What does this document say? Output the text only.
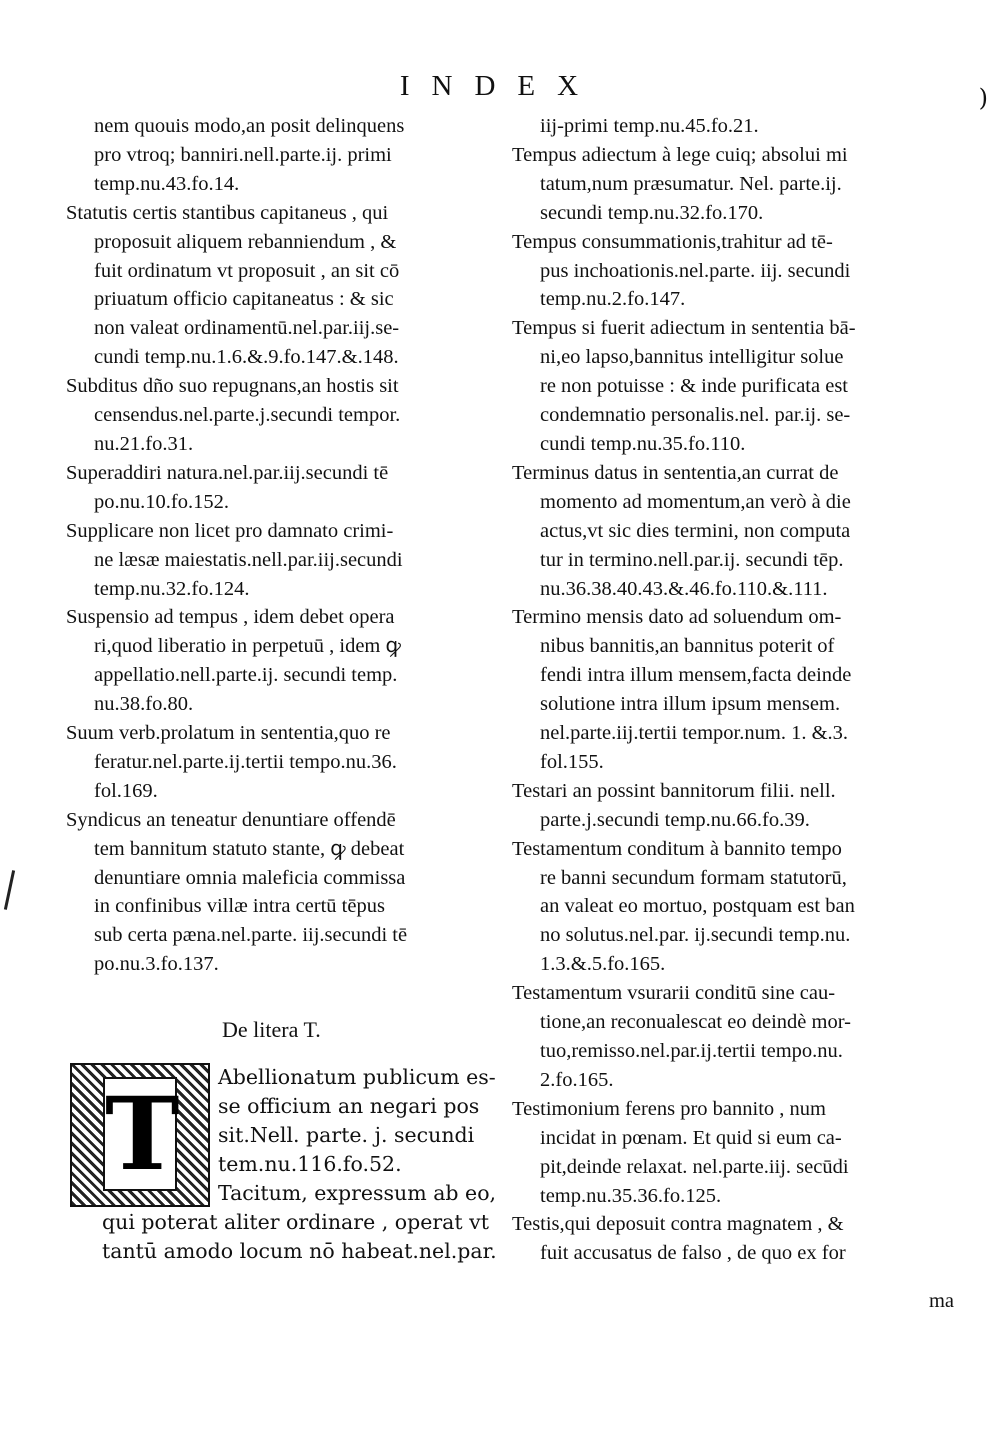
INDEX

nem quouis modo,an posit delinquens
pro vtroq; banniri.nell.parte.ij. primi
temp.nu.43.fo.14.

Statutis certis stantibus capitaneus , qui
proposuit aliquem rebanniendum , &
fuit ordinatum vt proposuit , an sit cō
priuatum officio capitaneatus : & sic
non valeat ordinamentū.nel.par.iij.se-
cundi temp.nu.1.6.&.9.fo.147.&.148.

Subditus dño suo repugnans,an hostis sit
censendus.nel.parte.j.secundi tempor.
nu.21.fo.31.

Superaddiri natura.nel.par.iij.secundi tē
po.nu.10.fo.152.

Supplicare non licet pro damnato crimi-
ne læsæ maiestatis.nell.par.iij.secundi
temp.nu.32.fo.124.

Suspensio ad tempus , idem debet opera
ri,quod liberatio in perpetuū , idem ꝙ
appellatio.nell.parte.ij. secundi temp.
nu.38.fo.80.

Suum verb.prolatum in sententia,quo re
feratur.nel.parte.ij.tertii tempo.nu.36.
fol.169.

Syndicus an teneatur denuntiare offendē
tem bannitum statuto stante, ꝙ debeat
denuntiare omnia maleficia commissa
in confinibus villæ intra certū tēpus
sub certa pæna.nel.parte. iij.secundi tē
po.nu.3.fo.137.

De litera T.
T	Abellionatum publicum es-

se officium an negari pos

sit.Nell. parte. j. secundi

tem.nu.116.fo.52.

Tacitum, expressum ab eo,

qui poterat aliter ordinare , operat vt

tantū amodo locum nō habeat.nel.par.

iij-primi temp.nu.45.fo.21.

Tempus adiectum à lege cuiq; absolui mi
tatum,num præsumatur. Nel. parte.ij.
secundi temp.nu.32.fo.170.

Tempus consummationis,trahitur ad tē-
pus inchoationis.nel.parte. iij. secundi
temp.nu.2.fo.147.

Tempus si fuerit adiectum in sententia bā-
ni,eo lapso,bannitus intelligitur solue
re non potuisse : & inde purificata est
condemnatio personalis.nel. par.ij. se-
cundi temp.nu.35.fo.110.

Terminus datus in sententia,an currat de
momento ad momentum,an verò à die
actus,vt sic dies termini, non computa
tur in termino.nell.par.ij. secundi tēp.
nu.36.38.40.43.&.46.fo.110.&.111.

Termino mensis dato ad soluendum om-
nibus bannitis,an bannitus poterit of
fendi intra illum mensem,facta deinde
solutione intra illum ipsum mensem.
nel.parte.iij.tertii tempor.num. 1. &.3.
fol.155.

Testari an possint bannitorum filii. nell.
parte.j.secundi temp.nu.66.fo.39.

Testamentum conditum à bannito tempo
re banni secundum formam statutorū,
an valeat eo mortuo, postquam est ban
no solutus.nel.par. ij.secundi temp.nu.
1.3.&.5.fo.165.

Testamentum vsurarii conditū sine cau-
tione,an reconualescat eo deindè mor-
tuo,remisso.nel.par.ij.tertii tempo.nu.
2.fo.165.

Testimonium ferens pro bannito , num
incidat in pœnam. Et quid si eum ca-
pit,deinde relaxat. nel.parte.iij. secūdi
temp.nu.35.36.fo.125.

Testis,qui deposuit contra magnatem , &
fuit accusatus de falso , de quo ex for

ma
)
